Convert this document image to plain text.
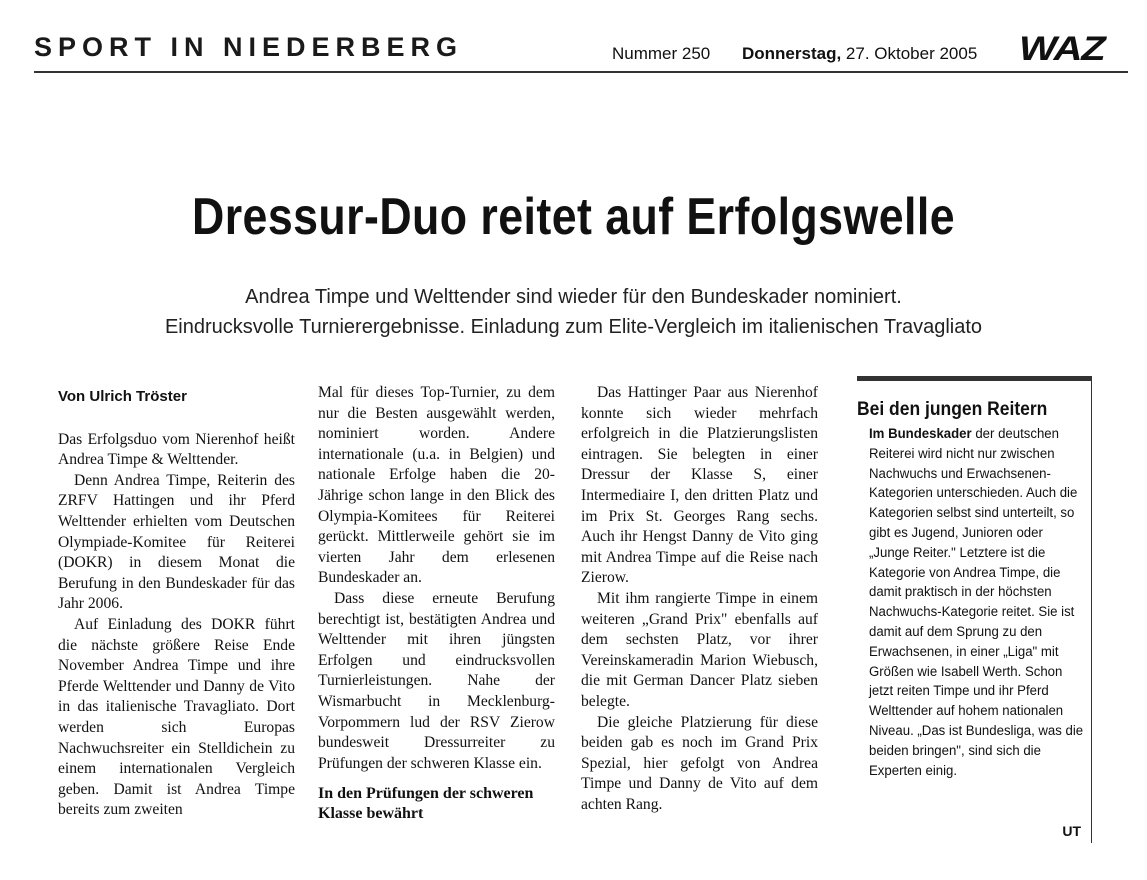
SPORT IN NIEDERBERG	Nummer 250 Donnerstag, 27. Oktober 2005 WAZ
Dressur-Duo reitet auf Erfolgswelle
Andrea Timpe und Welttender sind wieder für den Bundeskader nominiert.
Eindrucksvolle Turnierergebnisse. Einladung zum Elite-Vergleich im italienischen Travagliato
Von Ulrich Tröster

Das Erfolgsduo vom Nierenhof heißt Andrea Timpe & Welttender.

Denn Andrea Timpe, Reiterin des ZRFV Hattingen und ihr Pferd Welttender erhielten vom Deutschen Olympiade-Komitee für Reiterei (DOKR) in diesem Monat die Berufung in den Bundeskader für das Jahr 2006.

Auf Einladung des DOKR führt die nächste größere Reise Ende November Andrea Timpe und ihre Pferde Welttender und Danny de Vito in das italienische Travagliato. Dort werden sich Europas Nachwuchsreiter ein Stelldichein zu einem internationalen Vergleich geben. Damit ist Andrea Timpe bereits zum zweiten

Mal für dieses Top-Turnier, zu dem nur die Besten ausgewählt werden, nominiert worden. Andere internationale (u.a. in Belgien) und nationale Erfolge haben die 20-Jährige schon lange in den Blick des Olympia-Komitees für Reiterei gerückt. Mittlerweile gehört sie im vierten Jahr dem erlesenen Bundeskader an.

Dass diese erneute Berufung berechtigt ist, bestätigten Andrea und Welttender mit ihren jüngsten Erfolgen und eindrucksvollen Turnierleistungen. Nahe der Wismarbucht in Mecklenburg-Vorpommern lud der RSV Zierow bundesweit Dressurreiter zu Prüfungen der schweren Klasse ein.

In den Prüfungen der schweren Klasse bewährt

Das Hattinger Paar aus Nierenhof konnte sich wieder mehrfach erfolgreich in die Platzierungslisten eintragen. Sie belegten in einer Dressur der Klasse S, einer Intermediaire I, den dritten Platz und im Prix St. Georges Rang sechs. Auch ihr Hengst Danny de Vito ging mit Andrea Timpe auf die Reise nach Zierow.

Mit ihm rangierte Timpe in einem weiteren „Grand Prix" ebenfalls auf dem sechsten Platz, vor ihrer Vereinskameradin Marion Wiebusch, die mit German Dancer Platz sieben belegte.

Die gleiche Platzierung für diese beiden gab es noch im Grand Prix Spezial, hier gefolgt von Andrea Timpe und Danny de Vito auf dem achten Rang.

Bei den jungen Reitern
Im Bundeskader der deutschen Reiterei wird nicht nur zwischen Nachwuchs und Erwachsenen-Kategorien unterschieden. Auch die Kategorien selbst sind unterteilt, so gibt es Jugend, Junioren oder „Junge Reiter." Letztere ist die Kategorie von Andrea Timpe, die damit praktisch in der höchsten Nachwuchs-Kategorie reitet. Sie ist damit auf dem Sprung zu den Erwachsenen, in einer „Liga" mit Größen wie Isabell Werth. Schon jetzt reiten Timpe und ihr Pferd Welttender auf hohem nationalen Niveau. „Das ist Bundesliga, was die beiden bringen", sind sich die Experten einig.
UT
